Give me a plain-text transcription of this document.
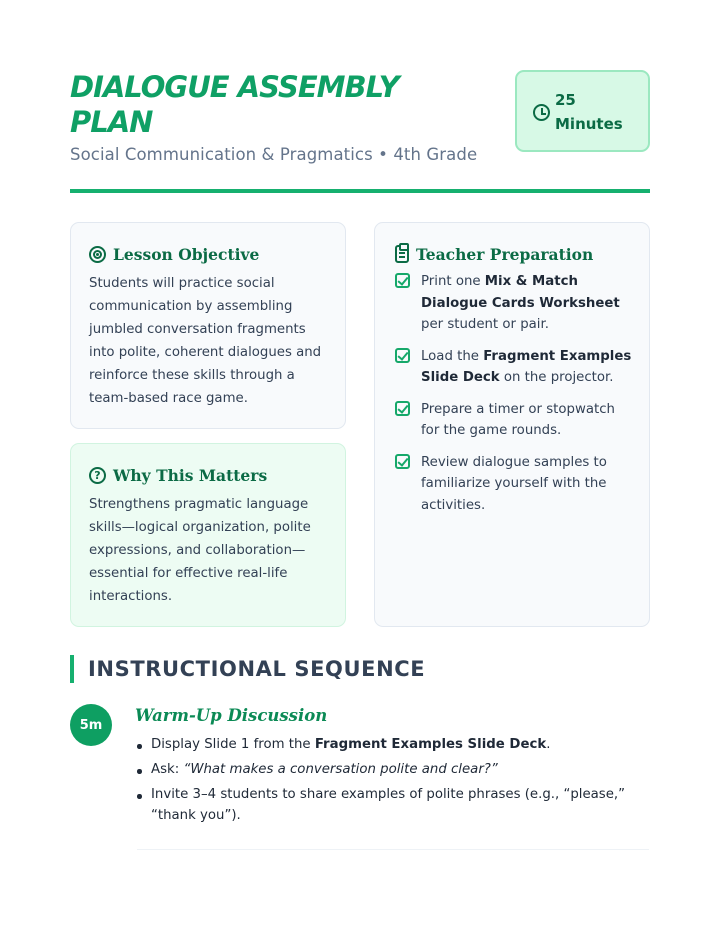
DIALOGUE ASSEMBLY PLAN
Social Communication & Pragmatics • 4th Grade
25
Minutes
Lesson Objective
Students will practice social communication by assembling jumbled conversation fragments into polite, coherent dialogues and reinforce these skills through a team-based race game.
? Why This Matters
Strengthens pragmatic language skills—logical organization, polite expressions, and collaboration—essential for effective real-life interactions.
Teacher Preparation
Print one Mix & Match Dialogue Cards Worksheet per student or pair.
Load the Fragment Examples Slide Deck on the projector.
Prepare a timer or stopwatch for the game rounds.
Review dialogue samples to familiarize yourself with the activities.
INSTRUCTIONAL SEQUENCE
5m	Warm-Up Discussion
Display Slide 1 from the Fragment Examples Slide Deck.
Ask: “What makes a conversation polite and clear?”
Invite 3–4 students to share examples of polite phrases (e.g., “please,” “thank you”).
